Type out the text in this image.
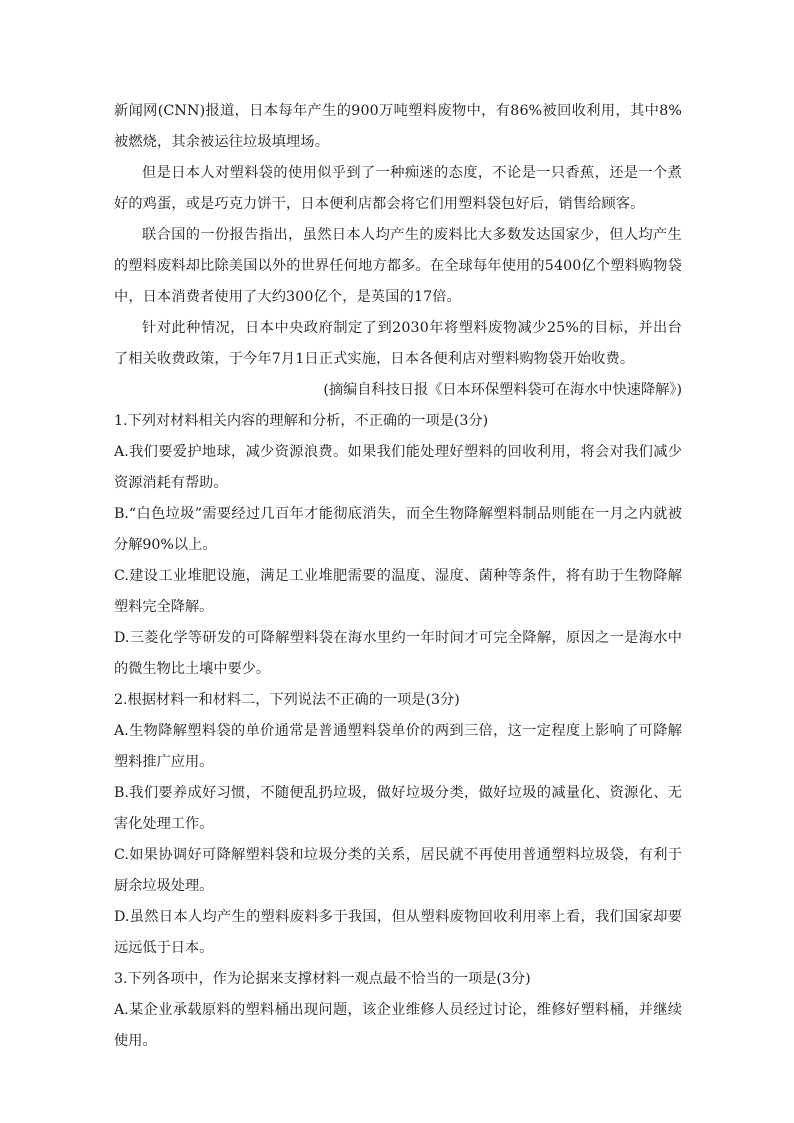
新闻网(CNN)报道，日本每年产生的900万吨塑料废物中，有86%被回收利用，其中8%被燃烧，其余被运往垃圾填埋场。

但是日本人对塑料袋的使用似乎到了一种痴迷的态度，不论是一只香蕉，还是一个煮好的鸡蛋，或是巧克力饼干，日本便利店都会将它们用塑料袋包好后，销售给顾客。

联合国的一份报告指出，虽然日本人均产生的废料比大多数发达国家少，但人均产生的塑料废料却比除美国以外的世界任何地方都多。在全球每年使用的5400亿个塑料购物袋中，日本消费者使用了大约300亿个，是英国的17倍。

针对此种情况，日本中央政府制定了到2030年将塑料废物减少25%的目标，并出台了相关收费政策，于今年7月1日正式实施，日本各便利店对塑料购物袋开始收费。

(摘编自科技日报《日本环保塑料袋可在海水中快速降解》)

1.下列对材料相关内容的理解和分析，不正确的一项是(3分)

A.我们要爱护地球，减少资源浪费。如果我们能处理好塑料的回收利用，将会对我们减少资源消耗有帮助。

B.“白色垃圾”需要经过几百年才能彻底消失，而全生物降解塑料制品则能在一月之内就被分解90%以上。

C.建设工业堆肥设施，满足工业堆肥需要的温度、湿度、菌种等条件，将有助于生物降解塑料完全降解。

D.三菱化学等研发的可降解塑料袋在海水里约一年时间才可完全降解，原因之一是海水中的微生物比土壤中要少。

2.根据材料一和材料二，下列说法不正确的一项是(3分)

A.生物降解塑料袋的单价通常是普通塑料袋单价的两到三倍，这一定程度上影响了可降解塑料推广应用。

B.我们要养成好习惯，不随便乱扔垃圾，做好垃圾分类，做好垃圾的减量化、资源化、无害化处理工作。

C.如果协调好可降解塑料袋和垃圾分类的关系，居民就不再使用普通塑料垃圾袋，有利于厨余垃圾处理。

D.虽然日本人均产生的塑料废料多于我国，但从塑料废物回收利用率上看，我们国家却要远远低于日本。

3.下列各项中，作为论据来支撑材料一观点最不恰当的一项是(3分)

A.某企业承载原料的塑料桶出现问题，该企业维修人员经过讨论，维修好塑料桶，并继续使用。
